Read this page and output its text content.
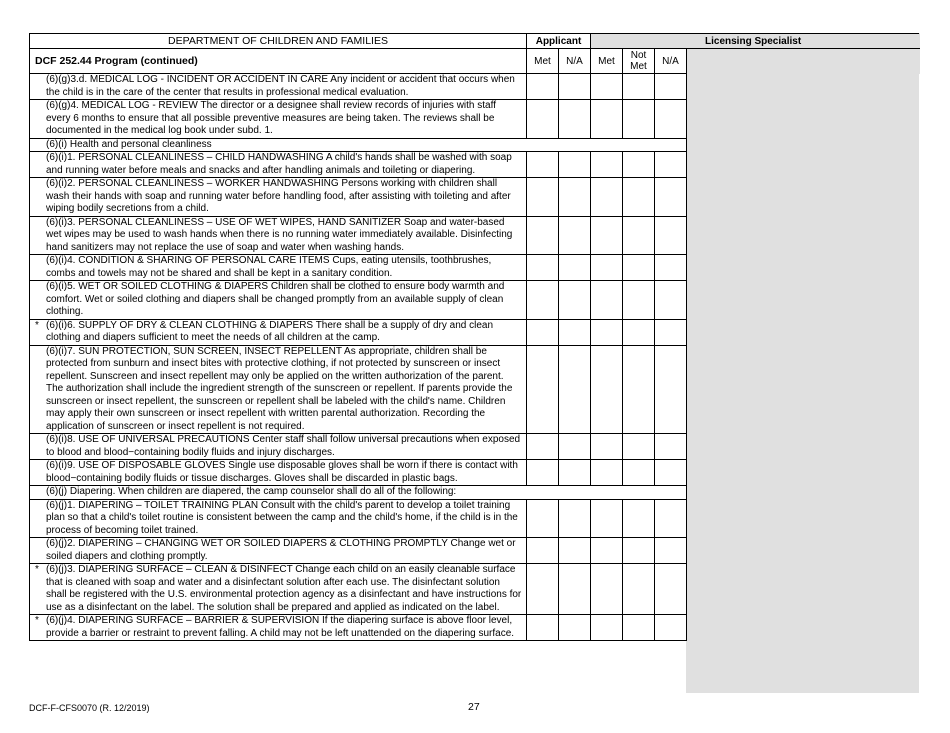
DEPARTMENT OF CHILDREN AND FAMILIES	Applicant		Licensing Specialist			
DCF 252.44 Program (continued)	Met	N/A	Met	Not Met	N/A	
(6)(g)3.d. MEDICAL LOG - INCIDENT OR ACCIDENT IN CARE Any incident or accident that occurs when the child is in the care of the center that results in professional medical evaluation.						
(6)(g)4. MEDICAL LOG - REVIEW The director or a designee shall review records of injuries with staff every 6 months to ensure that all possible preventive measures are being taken. The reviews shall be documented in the medical log book under subd. 1.						
(6)(i) Health and personal cleanliness						
(6)(i)1. PERSONAL CLEANLINESS – CHILD HANDWASHING A child's hands shall be washed with soap and running water before meals and snacks and after handling animals and toileting or diapering.						
(6)(i)2. PERSONAL CLEANLINESS – WORKER HANDWASHING Persons working with children shall wash their hands with soap and running water before handling food, after assisting with toileting and after wiping bodily secretions from a child.						
(6)(i)3. PERSONAL CLEANLINESS – USE OF WET WIPES, HAND SANITIZER Soap and water-based wet wipes may be used to wash hands when there is no running water immediately available. Disinfecting hand sanitizers may not replace the use of soap and water when washing hands.						
(6)(i)4. CONDITION & SHARING OF PERSONAL CARE ITEMS Cups, eating utensils, toothbrushes, combs and towels may not be shared and shall be kept in a sanitary condition.						
(6)(i)5. WET OR SOILED CLOTHING & DIAPERS Children shall be clothed to ensure body warmth and comfort. Wet or soiled clothing and diapers shall be changed promptly from an available supply of clean clothing.						

* (6)(i)6. SUPPLY OF DRY & CLEAN CLOTHING & DIAPERS There shall be a supply of dry and clean clothing and diapers sufficient to meet the needs of all children at the camp.						
(6)(i)7. SUN PROTECTION, SUN SCREEN, INSECT REPELLENT As appropriate, children shall be protected from sunburn and insect bites with protective clothing, if not protected by sunscreen or insect repellent. Sunscreen and insect repellent may only be applied on the written authorization of the parent. The authorization shall include the ingredient strength of the sunscreen or repellent. If parents provide the sunscreen or insect repellent, the sunscreen or repellent shall be labeled with the child's name. Children may apply their own sunscreen or insect repellent with written parental authorization. Recording the application of sunscreen or insect repellent is not required.						
(6)(i)8. USE OF UNIVERSAL PRECAUTIONS Center staff shall follow universal precautions when exposed to blood and blood−containing bodily fluids and injury discharges.						
(6)(i)9. USE OF DISPOSABLE GLOVES Single use disposable gloves shall be worn if there is contact with blood−containing bodily fluids or tissue discharges. Gloves shall be discarded in plastic bags.						
(6)(j) Diapering. When children are diapered, the camp counselor shall do all of the following:						
(6)(j)1. DIAPERING – TOILET TRAINING PLAN Consult with the child's parent to develop a toilet training plan so that a child's toilet routine is consistent between the camp and the child's home, if the child is in the process of becoming toilet trained.						
(6)(j)2. DIAPERING – CHANGING WET OR SOILED DIAPERS & CLOTHING PROMPTLY Change wet or soiled diapers and clothing promptly.						

* (6)(j)3. DIAPERING SURFACE – CLEAN & DISINFECT Change each child on an easily cleanable surface that is cleaned with soap and water and a disinfectant solution after each use. The disinfectant solution shall be registered with the U.S. environmental protection agency as a disinfectant and have instructions for use as a disinfectant on the label. The solution shall be prepared and applied as indicated on the label.						

* (6)(j)4. DIAPERING SURFACE – BARRIER & SUPERVISION If the diapering surface is above floor level, provide a barrier or restraint to prevent falling. A child may not be left unattended on the diapering surface.						
DCF-F-CFS0070 (R. 12/2019)	27
